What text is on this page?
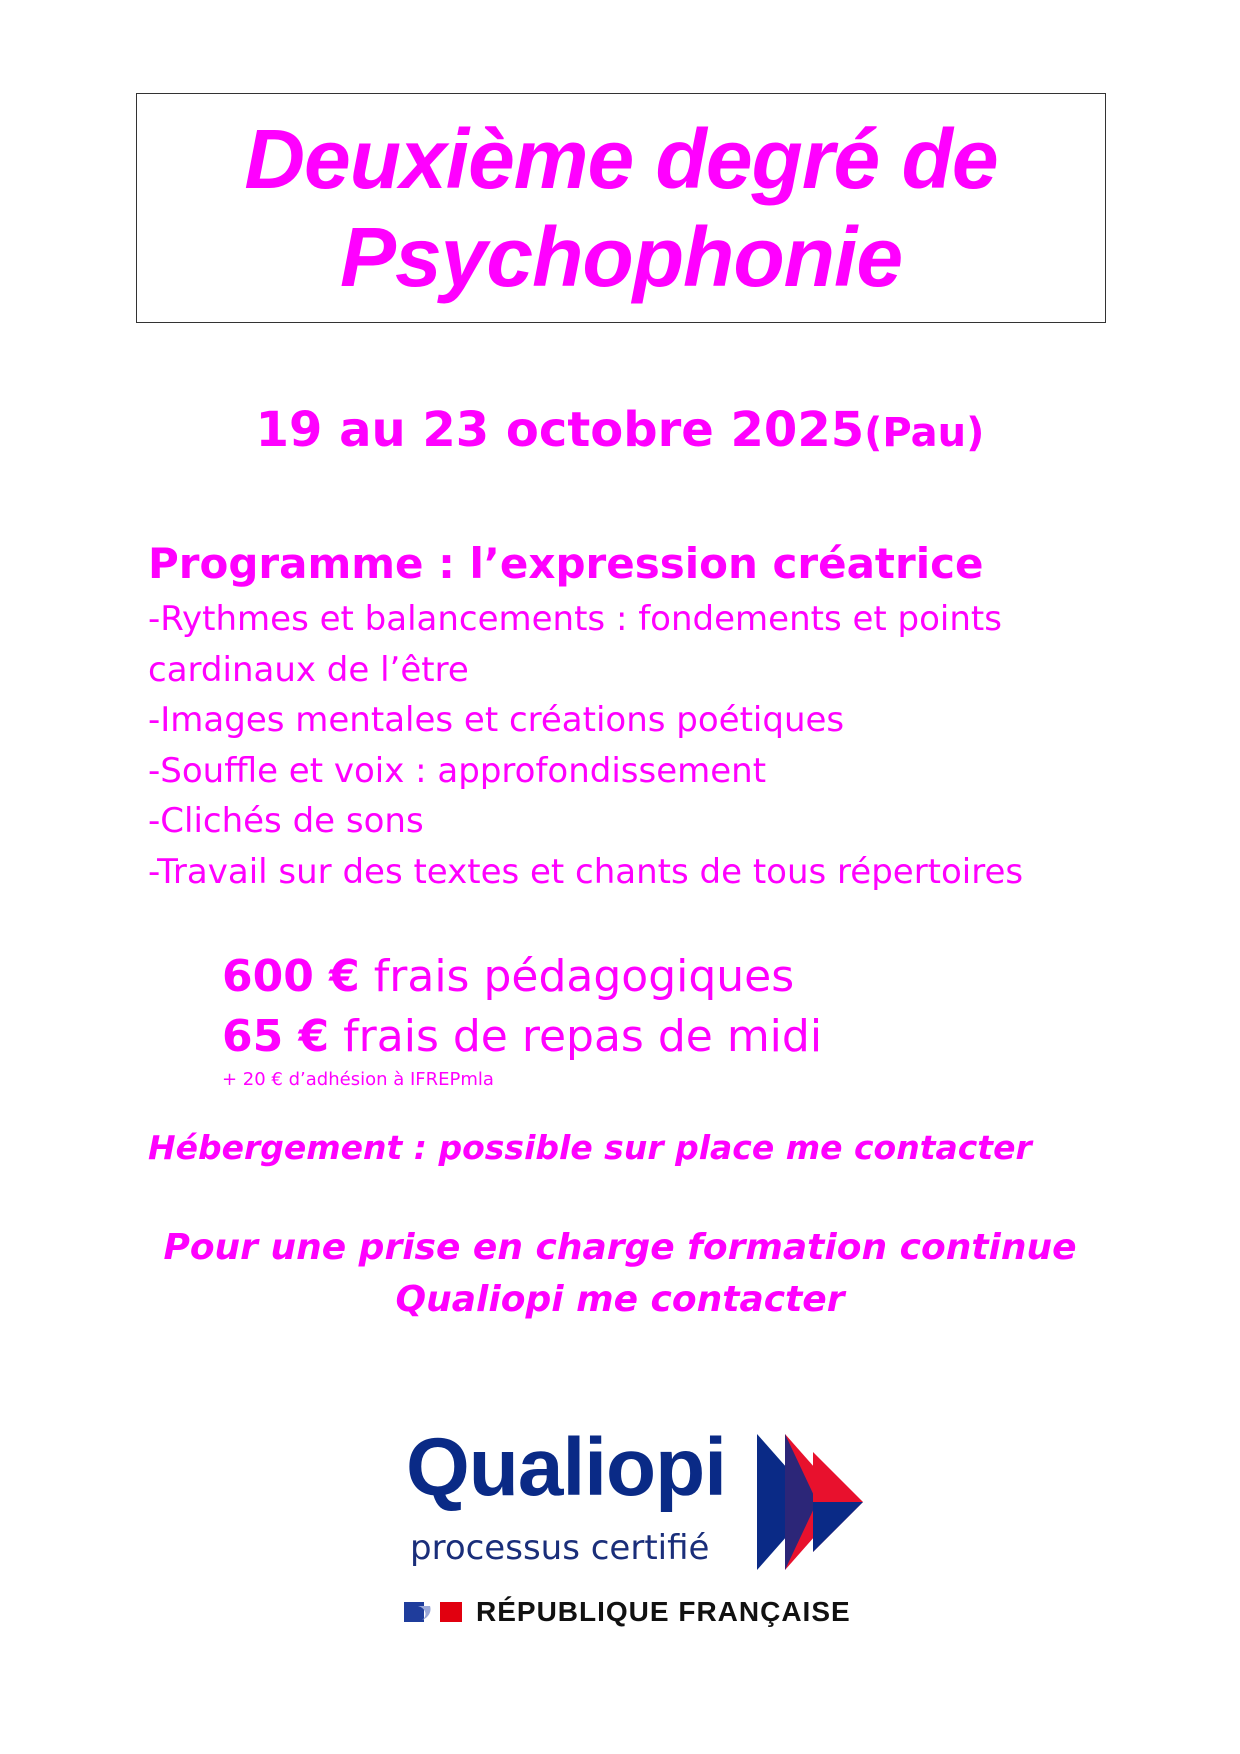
Deuxième degré de
Psychophonie
19 au 23 octobre 2025(Pau)
Programme : l’expression créatrice
-Rythmes et balancements : fondements et points cardinaux de l’être
-Images mentales et créations poétiques
-Souffle et voix : approfondissement
-Clichés de sons
-Travail sur des textes et chants de tous répertoires
600 € frais pédagogiques
65 € frais de repas de midi
+ 20 € d’adhésion à IFREPmla
Hébergement : possible sur place me contacter
Pour une prise en charge formation continue
Qualiopi me contacter
Qualiopi
processus certifié
RÉPUBLIQUE FRANÇAISE
